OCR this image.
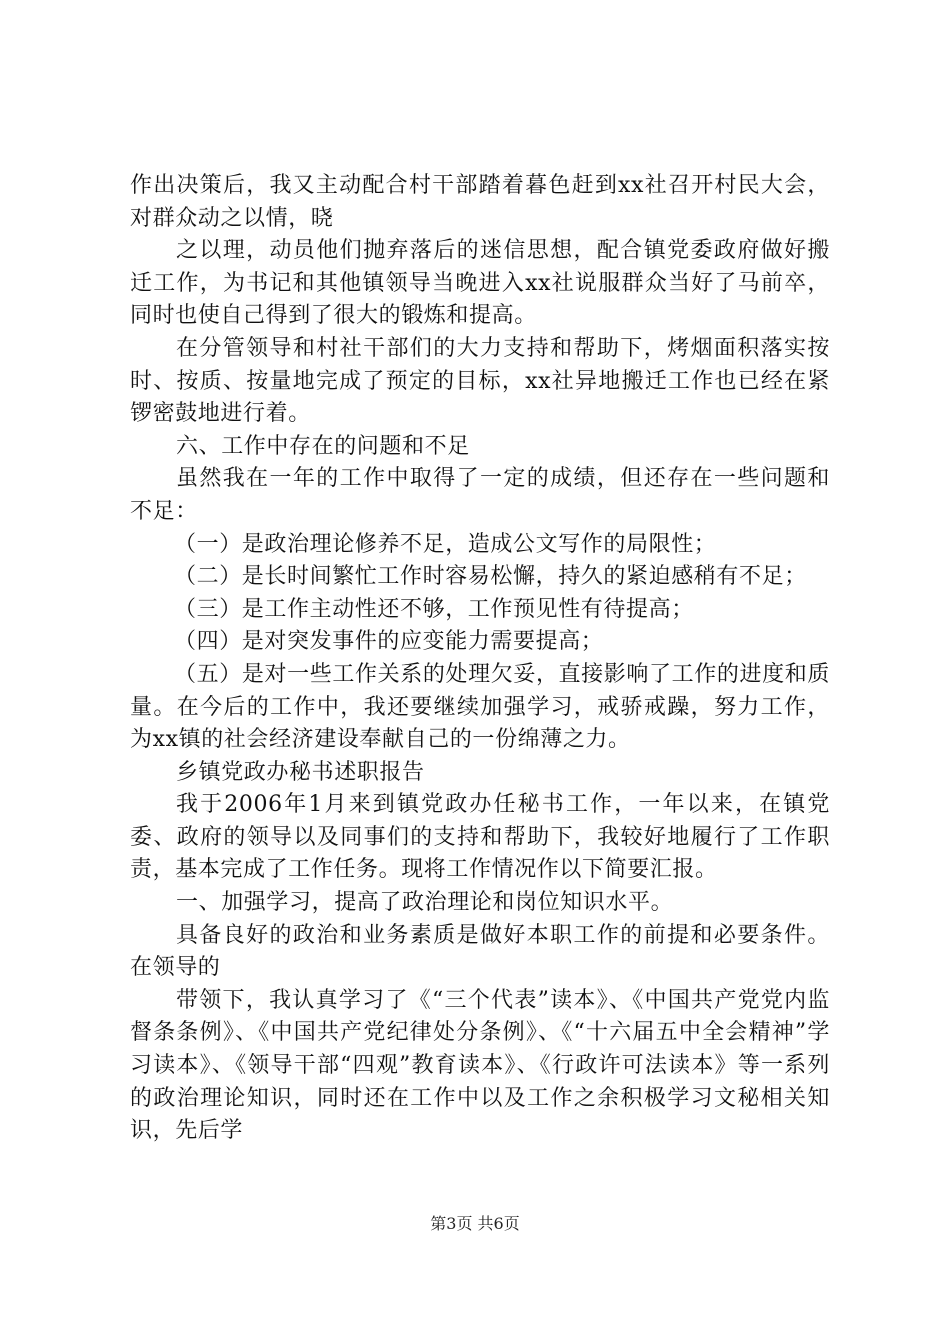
作出决策后，我又主动配合村干部踏着暮色赶到xx社召开村民大会，对群众动之以情，晓

之以理，动员他们抛弃落后的迷信思想，配合镇党委政府做好搬迁工作，为书记和其他镇领导当晚进入xx社说服群众当好了马前卒，同时也使自己得到了很大的锻炼和提高。

在分管领导和村社干部们的大力支持和帮助下，烤烟面积落实按时、按质、按量地完成了预定的目标，xx社异地搬迁工作也已经在紧锣密鼓地进行着。

六、工作中存在的问题和不足

虽然我在一年的工作中取得了一定的成绩，但还存在一些问题和不足：

（一）是政治理论修养不足，造成公文写作的局限性；

（二）是长时间繁忙工作时容易松懈，持久的紧迫感稍有不足；

（三）是工作主动性还不够，工作预见性有待提高；

（四）是对突发事件的应变能力需要提高；

（五）是对一些工作关系的处理欠妥，直接影响了工作的进度和质量。在今后的工作中，我还要继续加强学习，戒骄戒躁，努力工作，为xx镇的社会经济建设奉献自己的一份绵薄之力。

乡镇党政办秘书述职报告

我于2006年1月来到镇党政办任秘书工作，一年以来，在镇党委、政府的领导以及同事们的支持和帮助下，我较好地履行了工作职责，基本完成了工作任务。现将工作情况作以下简要汇报。

一、加强学习，提高了政治理论和岗位知识水平。

具备良好的政治和业务素质是做好本职工作的前提和必要条件。在领导的

带领下，我认真学习了《“三个代表”读本》、《中国共产党党内监督条条例》、《中国共产党纪律处分条例》、《“十六届五中全会精神”学习读本》、《领导干部“四观”教育读本》、《行政许可法读本》等一系列的政治理论知识，同时还在工作中以及工作之余积极学习文秘相关知识，先后学

第3页 共6页
